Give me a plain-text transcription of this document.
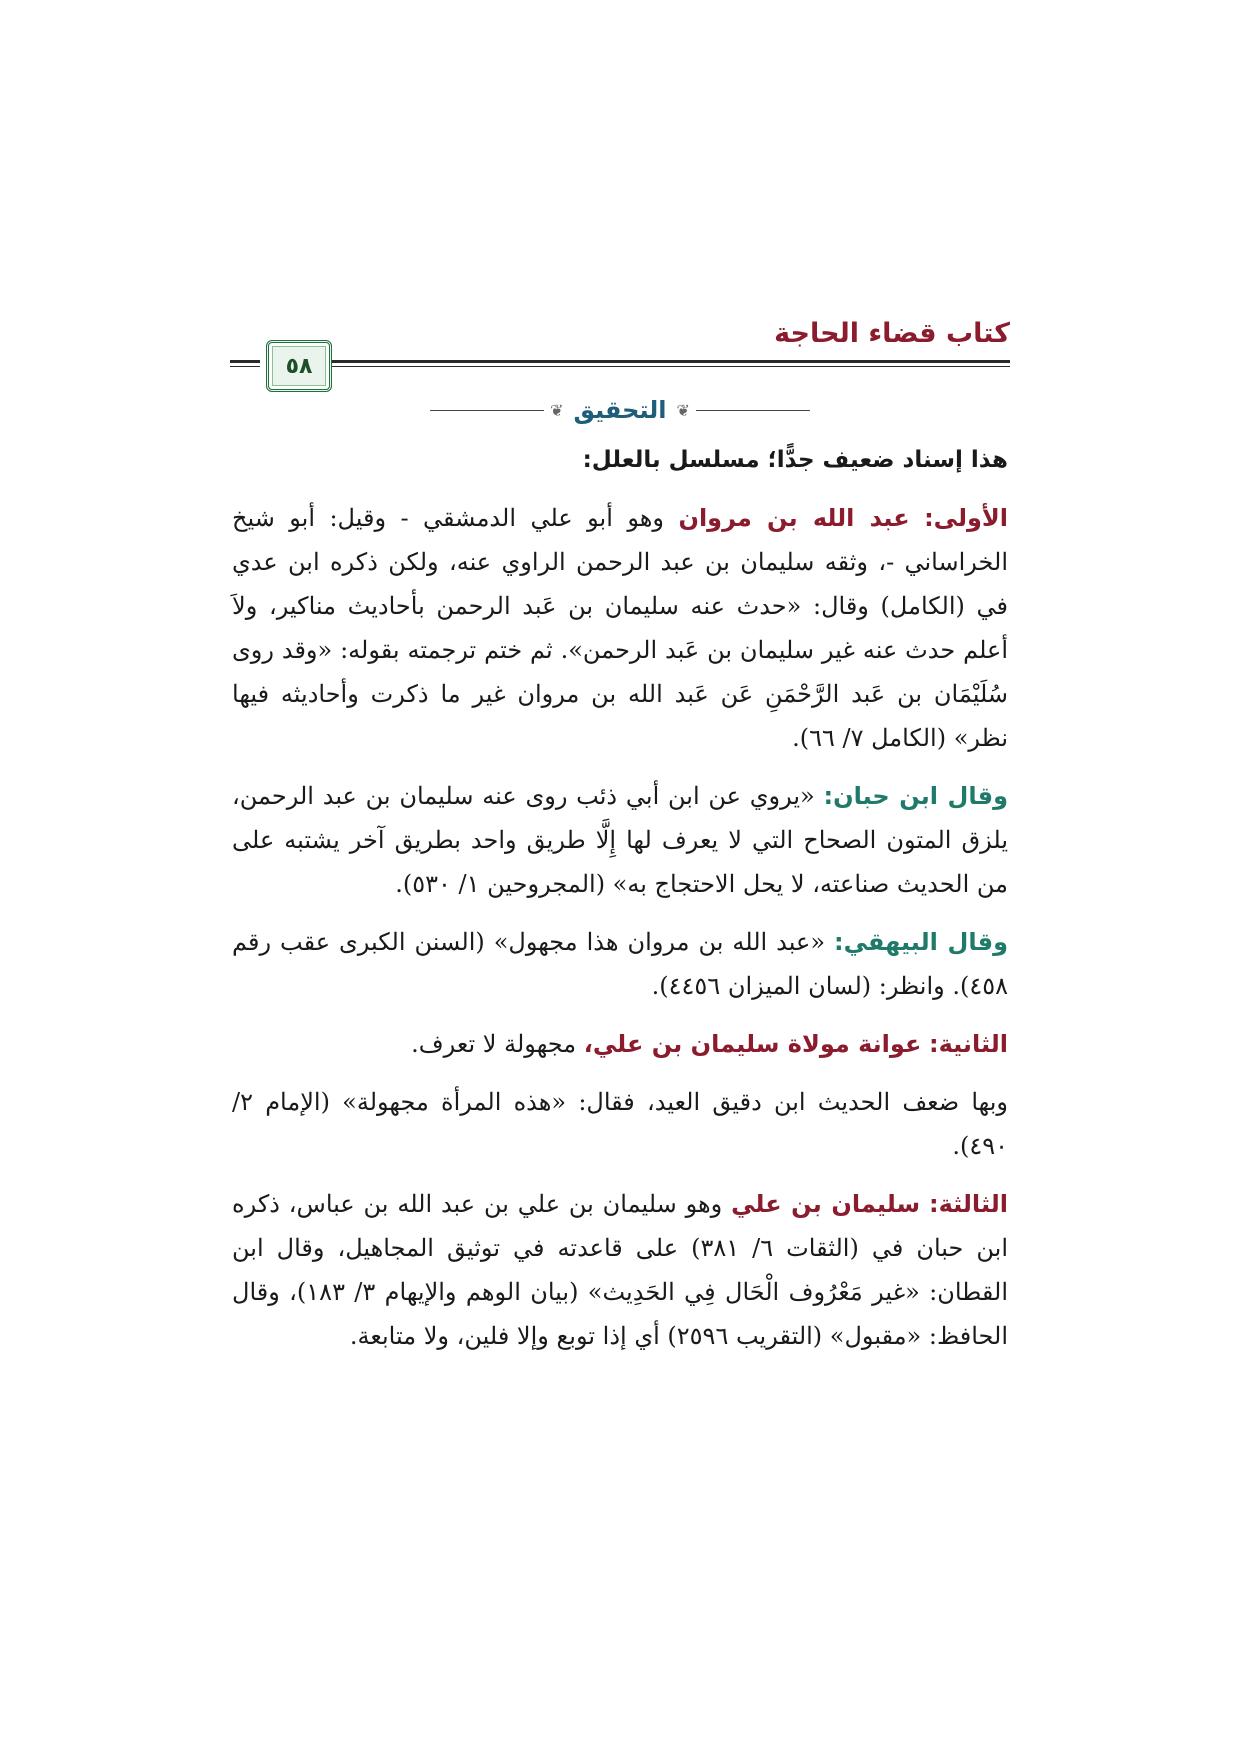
كتاب قضاء الحاجة
٥٨
❦
التحقيق
❦

هذا إسناد ضعيف جدًّا؛ مسلسل بالعلل:

الأولى: عبد الله بن مروان وهو أبو علي الدمشقي - وقيل: أبو شيخ الخراساني -، وثقه سليمان بن عبد الرحمن الراوي عنه، ولكن ذكره ابن عدي في (الكامل) وقال: «حدث عنه سليمان بن عَبد الرحمن بأحاديث مناكير، ولاَ أعلم حدث عنه غير سليمان بن عَبد الرحمن». ثم ختم ترجمته بقوله: «وقد روى سُلَيْمَان بن عَبد الرَّحْمَنِ عَن عَبد الله بن مروان غير ما ذكرت وأحاديثه فيها نظر» (الكامل ٧/ ٦٦).

وقال ابن حبان: «يروي عن ابن أبي ذئب روى عنه سليمان بن عبد الرحمن، يلزق المتون الصحاح التي لا يعرف لها إِلَّا طريق واحد بطريق آخر يشتبه على من الحديث صناعته، لا يحل الاحتجاج به» (المجروحين ١/ ٥٣٠).

وقال البيهقي: «عبد الله بن مروان هذا مجهول» (السنن الكبرى عقب رقم ٤٥٨). وانظر: (لسان الميزان ٤٤٥٦).

الثانية: عوانة مولاة سليمان بن علي، مجهولة لا تعرف.

وبها ضعف الحديث ابن دقيق العيد، فقال: «هذه المرأة مجهولة» (الإمام ٢/ ٤٩٠).

الثالثة: سليمان بن علي وهو سليمان بن علي بن عبد الله بن عباس، ذكره ابن حبان في (الثقات ٦/ ٣٨١) على قاعدته في توثيق المجاهيل، وقال ابن القطان: «غير مَعْرُوف الْحَال فِي الحَدِيث» (بيان الوهم والإيهام ٣/ ١٨٣)، وقال الحافظ: «مقبول» (التقريب ٢٥٩٦) أي إذا توبع وإلا فلين، ولا متابعة.
